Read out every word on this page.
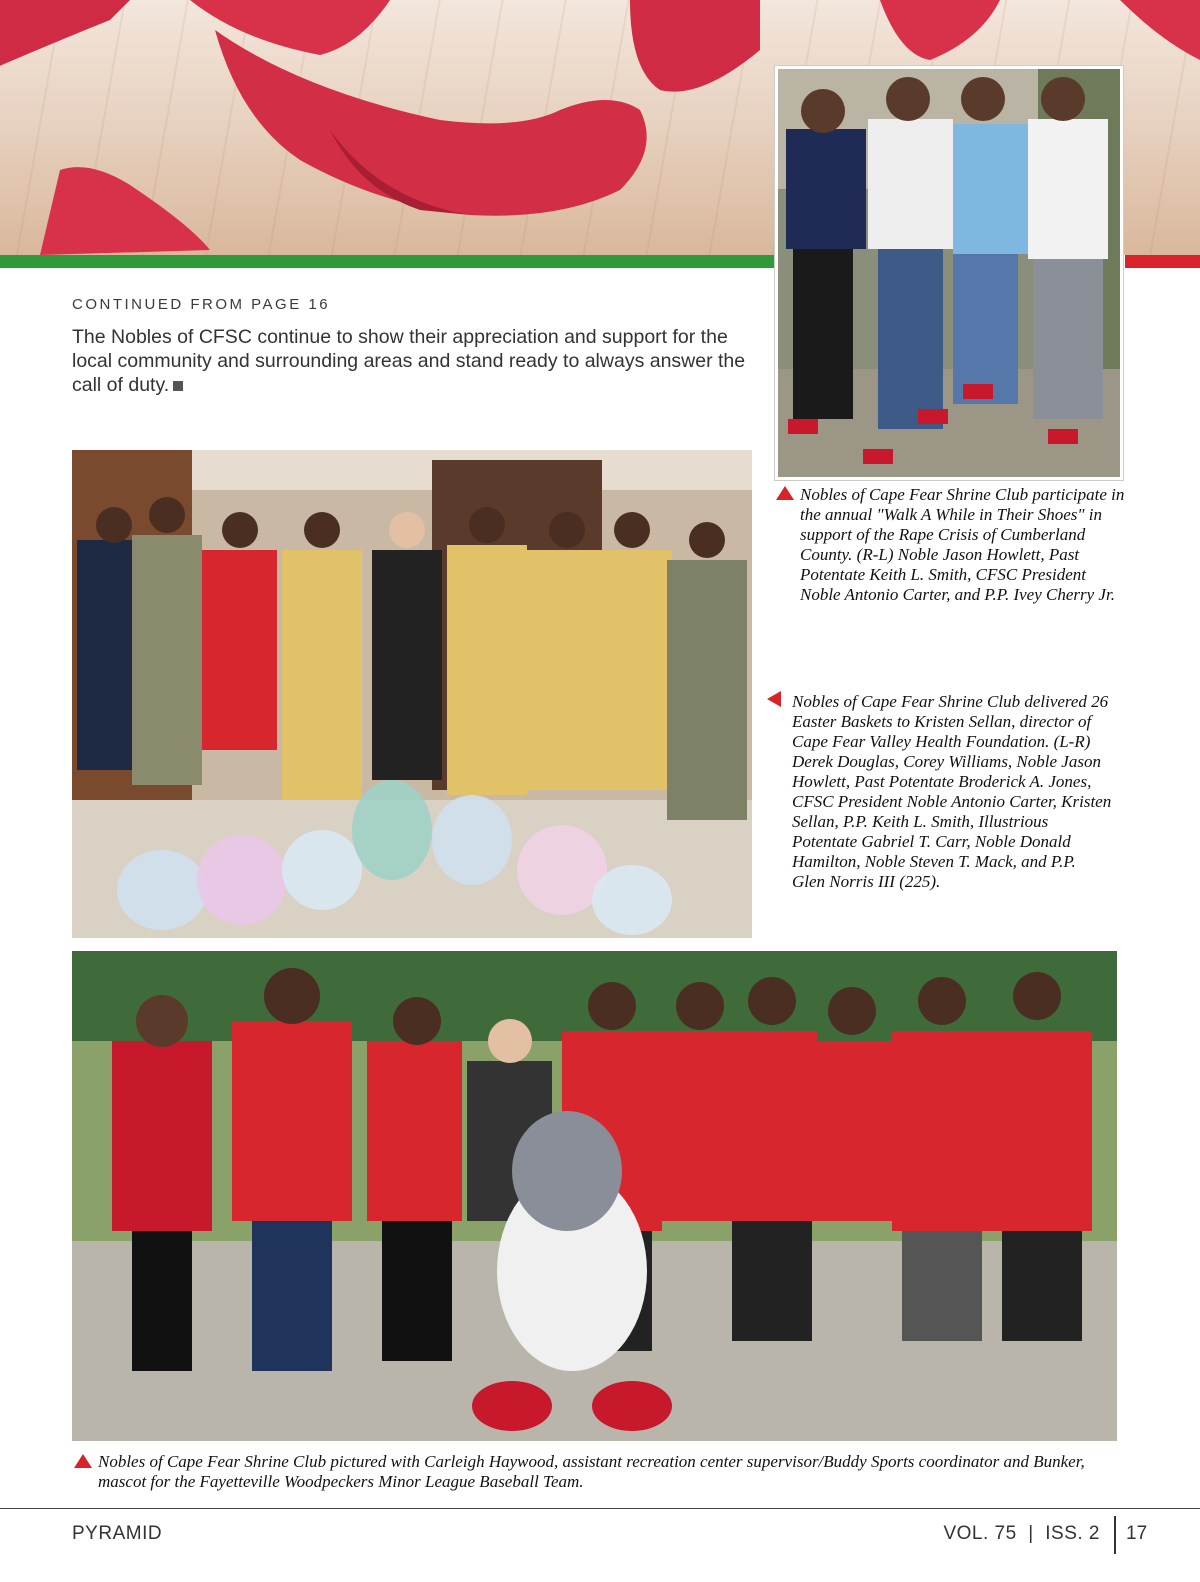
CONTINUED FROM PAGE 16
The Nobles of CFSC continue to show their appreciation and support for the local community and surrounding areas and stand ready to always answer the call of duty.
Nobles of Cape Fear Shrine Club participate in the annual "Walk A While in Their Shoes" in support of the Rape Crisis of Cumberland County. (R-L) Noble Jason Howlett, Past Potentate Keith L. Smith, CFSC President Noble Antonio Carter, and P.P. Ivey Cherry Jr.
Nobles of Cape Fear Shrine Club delivered 26 Easter Baskets to Kristen Sellan, director of Cape Fear Valley Health Foundation. (L-R) Derek Douglas, Corey Williams, Noble Jason Howlett, Past Potentate Broderick A. Jones, CFSC President Noble Antonio Carter, Kristen Sellan, P.P. Keith L. Smith, Illustrious Potentate Gabriel T. Carr, Noble Donald Hamilton, Noble Steven T. Mack, and P.P. Glen Norris III (225).
Nobles of Cape Fear Shrine Club pictured with Carleigh Haywood, assistant recreation center supervisor/Buddy Sports coordinator and Bunker, mascot for the Fayetteville Woodpeckers Minor League Baseball Team.
PYRAMID	VOL. 75  |  ISS. 2 17
